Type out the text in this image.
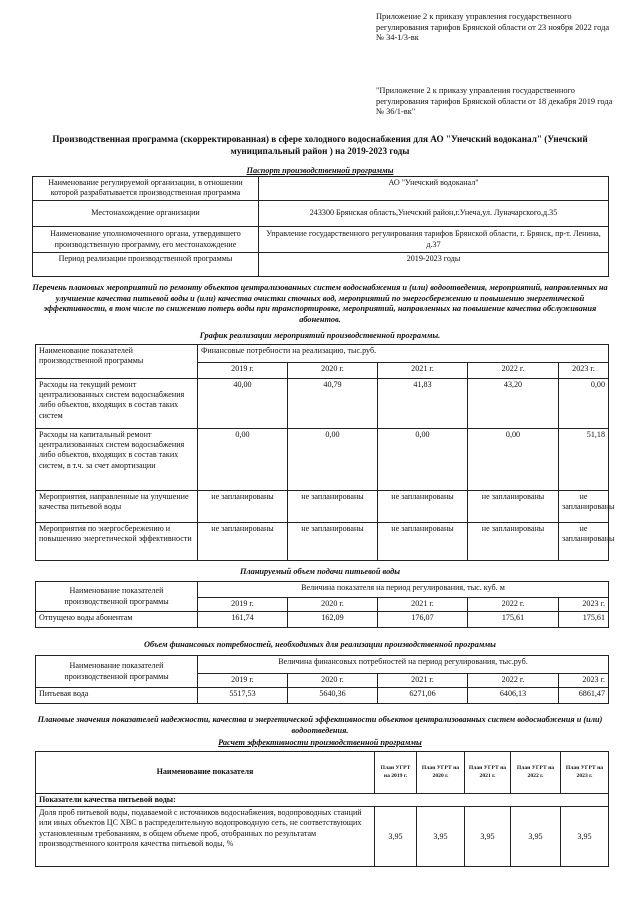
Приложение 2 к приказу управления государственного регулирования тарифов Брянской области от 23 ноября 2022 года № 34-1/3-вк
"Приложение 2 к приказу управления государственного регулирования тарифов Брянской области от 18 декабря 2019 года № 36/1-вк"
Производственная программа (скорректированная) в сфере холодного водоснабжения для АО "Унечский водоканал" (Унечский муниципальный район ) на 2019-2023 годы
Паспорт производственной программы
Наименование регулируемой организации, в отношении которой разрабатывается производственная программа	АО "Унечский водоканал"
Местонахождение организации	243300 Брянская область,Унечский район,г.Унеча,ул. Луначарского,д.35
Наименование уполномоченного органа, утвердившего производственную программу, его местонахождение	Управление государственного регулирования тарифов Брянской области, г. Брянск, пр-т. Ленина, д.37
Период реализации производственной программы	2019-2023 годы
Перечень плановых мероприятий по ремонту объектов централизованных систем водоснабжения и (или) водоотведения, мероприятий, направленных на улучшение качества питьевой воды и (или) качества очистки сточных вод, мероприятий по энергосбережению и повышению энергетической эффективности, в том числе по снижению потерь воды при транспортировке, мероприятий, направленных на повышение качества обслуживания абонентов.
График реализации мероприятий производственной программы.
Наименование показателей производственной программы	Финансовые потребности на реализацию, тыс.руб.				
	2019 г.	2020 г.	2021 г.	2022 г.	2023 г.
Расходы на текущий ремонт централизованных систем водоснабжения либо объектов, входящих в состав таких систем	40,00	40,79	41,83	43,20	0,00
Расходы на капитальный ремонт централизованных систем водоснабжения либо объектов, входящих в состав таких систем, в т.ч. за счет амортизации	0,00	0,00	0,00	0,00	51,18
Мероприятия, направленные на улучшение качества питьевой воды	не запланированы	не запланированы	не запланированы	не запланированы	не запланированы
Мероприятия по энергосбережению и повышению энергетической эффективности	не запланированы	не запланированы	не запланированы	не запланированы	не запланированы
Планируемый объем подачи питьевой воды
Наименование показателей производственной программы	Величина показателя на период регулирования, тыс. куб. м				
	2019 г.	2020 г.	2021 г.	2022 г.	2023 г.
Отпущено воды абонентам	161,74	162,09	176,07	175,61	175,61
Объем финансовых потребностей, необходимых для реализации производственной программы
Наименование показателей производственной программы	Величина финансовых потребностей на период регулирования, тыс.руб.				
	2019 г.	2020 г.	2021 г.	2022 г.	2023 г.
Питьевая вода	5517,53	5640,36	6271,06	6406,13	6861,47
Плановые значения показателей надежности, качества и энергетической эффективности объектов централизованных систем водоснабжения и (или) водоотведения.
Расчет эффективности производственной программы
Наименование показателя	План УГРТ на 2019 г.	План УГРТ на 2020 г.	План УГРТ на 2021 г.	План УГРТ на 2022 г.	План УГРТ на 2023 г.
Показатели качества питьевой воды:					
Доля проб питьевой воды, подаваемой с источников водоснабжения, водопроводных станций или иных объектов ЦС ХВС в распределительную водопроводную сеть, не соответствующих установленным требованиям, в общем объеме проб, отобранных по результатам производственного контроля качества питьевой воды, %	3,95	3,95	3,95	3,95	3,95
